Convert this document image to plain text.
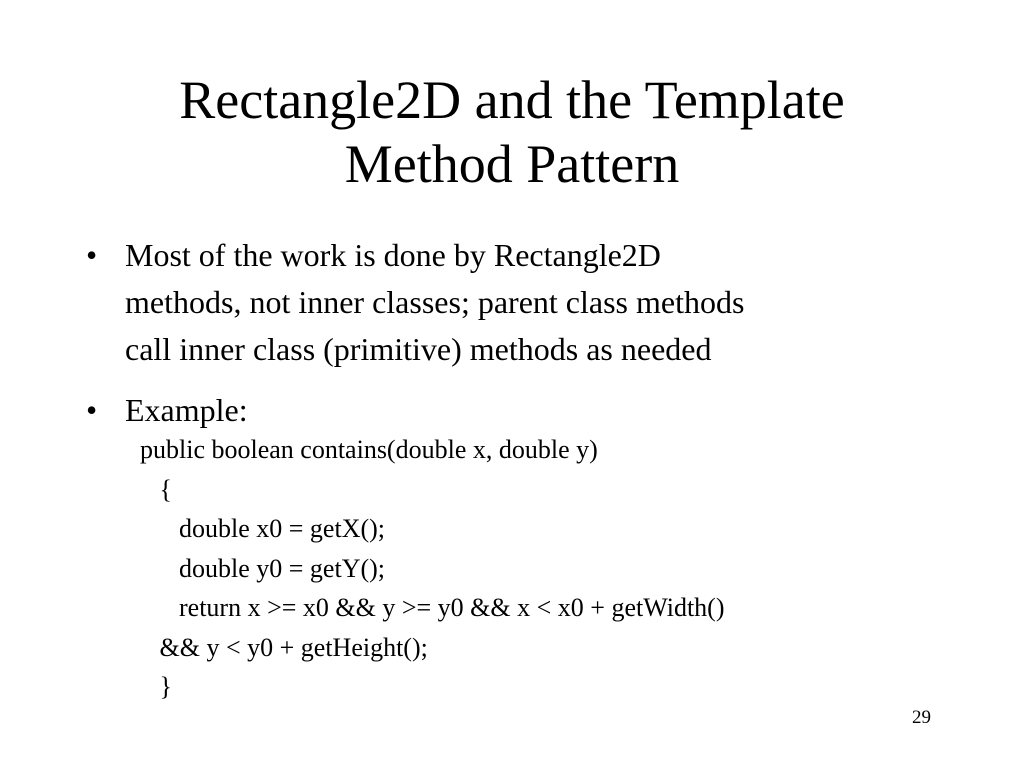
Rectangle2D and the Template
Method Pattern
• Most of the work is done by Rectangle2D
methods, not inner classes; parent class methods
call inner class (primitive) methods as needed
• Example:
public boolean contains(double x, double y)
{
double x0 = getX();
double y0 = getY();
return x >= x0 && y >= y0 && x < x0 + getWidth()
&& y < y0 + getHeight();
}
29
